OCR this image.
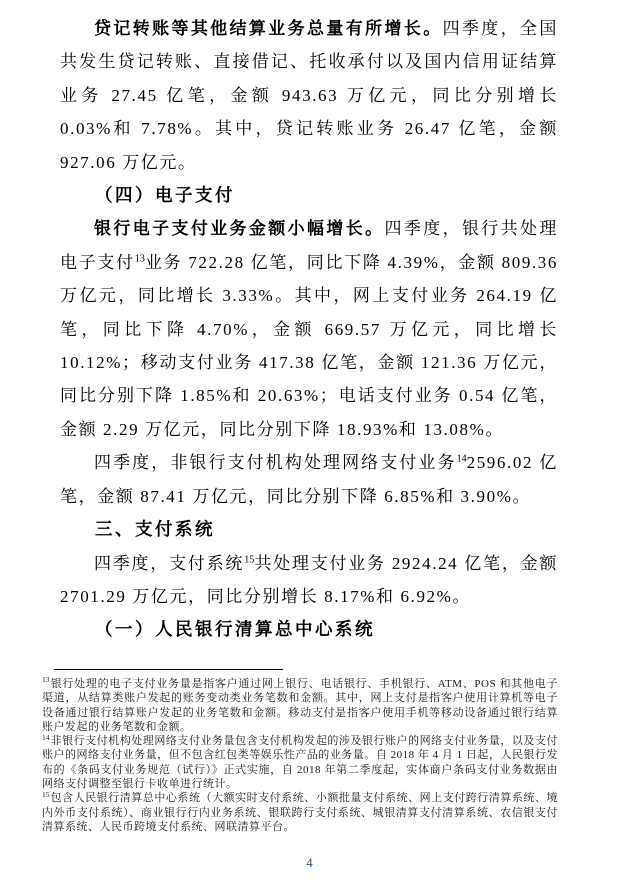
贷记转账等其他结算业务总量有所增长。四季度，全国共发生贷记转账、直接借记、托收承付以及国内信用证结算业务 27.45 亿笔，金额 943.63 万亿元，同比分别增长 0.03%和 7.78%。其中，贷记转账业务 26.47 亿笔，金额 927.06 万亿元。

（四）电子支付

银行电子支付业务金额小幅增长。四季度，银行共处理电子支付$^{13}$业务 722.28 亿笔，同比下降 4.39%，金额 809.36 万亿元，同比增长 3.33%。其中，网上支付业务 264.19 亿笔，同比下降 4.70%，金额 669.57 万亿元，同比增长 10.12%；移动支付业务 417.38 亿笔，金额 121.36 万亿元，同比分别下降 1.85%和 20.63%；电话支付业务 0.54 亿笔，金额 2.29 万亿元，同比分别下降 18.93%和 13.08%。

四季度，非银行支付机构处理网络支付业务$^{14}$2596.02 亿笔，金额 87.41 万亿元，同比分别下降 6.85%和 3.90%。

三、支付系统

四季度，支付系统$^{15}$共处理支付业务 2924.24 亿笔，金额 2701.29 万亿元，同比分别增长 8.17%和 6.92%。

（一）人民银行清算总中心系统

$^{13}$银行处理的电子支付业务量是指客户通过网上银行、电话银行、手机银行、ATM、POS 和其他电子渠道，从结算类账户发起的账务变动类业务笔数和金额。其中，网上支付是指客户使用计算机等电子设备通过银行结算账户发起的业务笔数和金额。移动支付是指客户使用手机等移动设备通过银行结算账户发起的业务笔数和金额。

$^{14}$非银行支付机构处理网络支付业务量包含支付机构发起的涉及银行账户的网络支付业务量，以及支付账户的网络支付业务量，但不包含红包类等娱乐性产品的业务量。自 2018 年 4 月 1 日起，人民银行发布的《条码支付业务规范（试行）》正式实施，自 2018 年第二季度起，实体商户条码支付业务数据由网络支付调整至银行卡收单进行统计。

$^{15}$包含人民银行清算总中心系统（大额实时支付系统、小额批量支付系统、网上支付跨行清算系统、境内外币支付系统）、商业银行行内业务系统、银联跨行支付系统、城银清算支付清算系统、农信银支付清算系统、人民币跨境支付系统、网联清算平台。

4
